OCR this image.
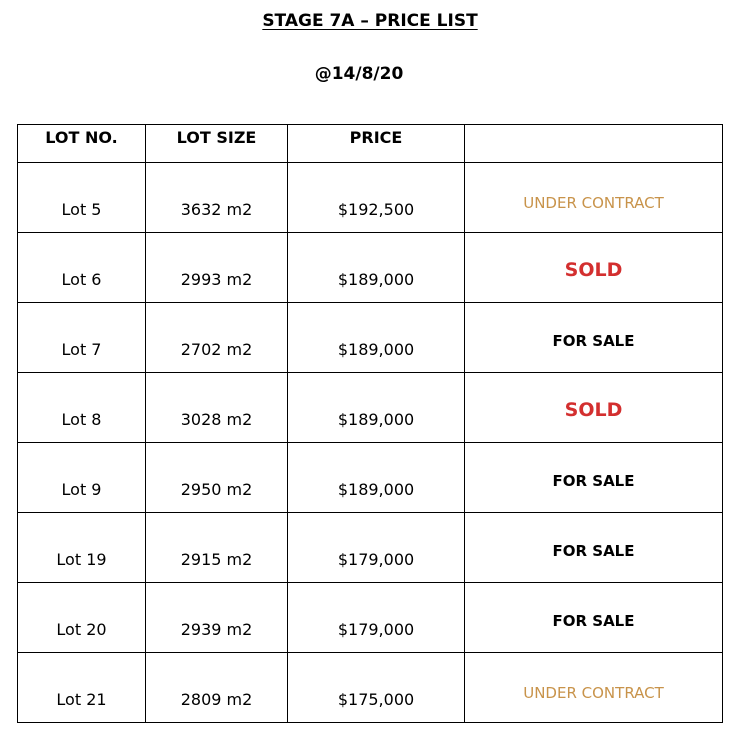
STAGE 7A – PRICE LIST
@14/8/20
LOT NO.	LOT SIZE	PRICE	

Lot 5	3632 m2	$192,500	UNDER CONTRACT

Lot 6	2993 m2	$189,000	SOLD

Lot 7	2702 m2	$189,000	FOR SALE

Lot 8	3028 m2	$189,000	SOLD

Lot 9	2950 m2	$189,000	FOR SALE

Lot 19	2915 m2	$179,000	FOR SALE

Lot 20	2939 m2	$179,000	FOR SALE

Lot 21	2809 m2	$175,000	UNDER CONTRACT
